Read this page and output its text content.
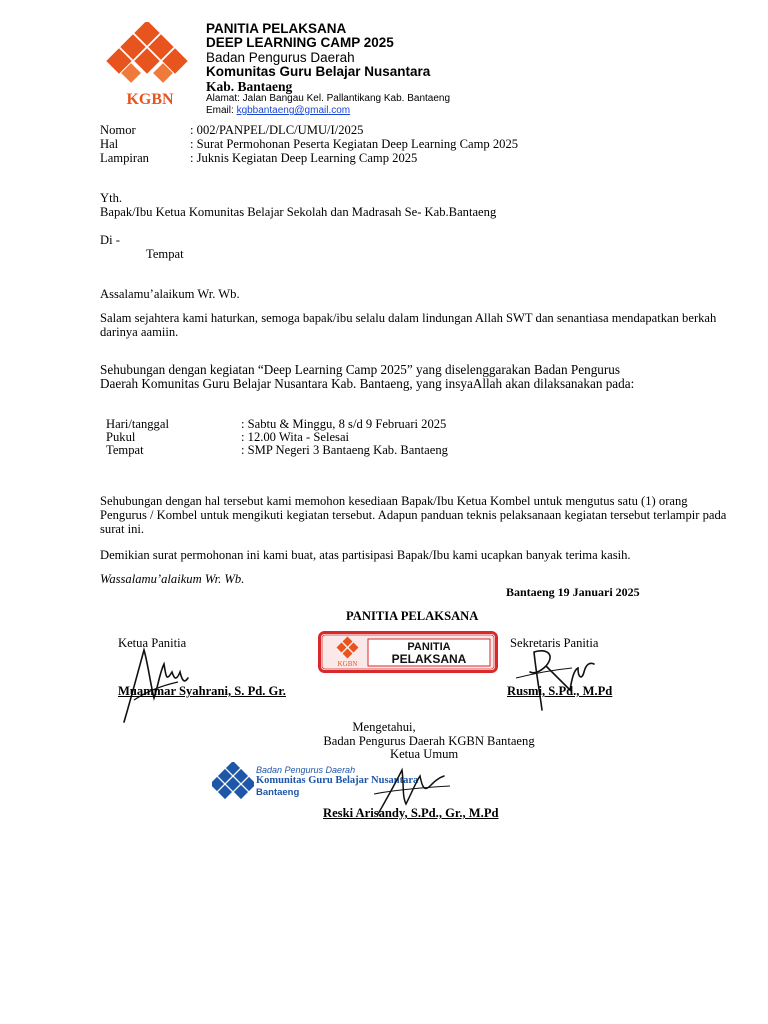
KGBN
PANITIA PELAKSANA
DEEP LEARNING CAMP 2025
Badan Pengurus Daerah
Komunitas Guru Belajar Nusantara
Kab. Bantaeng
Alamat: Jalan Bangau Kel. Pallantikang Kab. Bantaeng
Email: kgbbantaeng@gmail.com
Nomor	: 002/PANPEL/DLC/UMU/I/2025
Hal	: Surat Permohonan Peserta Kegiatan Deep Learning Camp 2025
Lampiran	: Juknis Kegiatan Deep Learning Camp 2025
Yth.
Bapak/Ibu Ketua Komunitas Belajar Sekolah dan Madrasah Se- Kab.Bantaeng
Di -
Tempat
Assalamu’alaikum Wr. Wb.
Salam sejahtera kami haturkan, semoga bapak/ibu selalu dalam lindungan Allah SWT dan senantiasa mendapatkan berkah darinya aamiin.
Sehubungan dengan kegiatan “Deep Learning Camp 2025” yang diselenggarakan Badan Pengurus
Daerah Komunitas Guru Belajar Nusantara Kab. Bantaeng, yang insyaAllah akan dilaksanakan pada:
Hari/tanggal	: Sabtu & Minggu, 8 s/d 9 Februari 2025
Pukul	: 12.00 Wita - Selesai
Tempat	: SMP Negeri 3 Bantaeng Kab. Bantaeng
Sehubungan dengan hal tersebut kami memohon kesediaan Bapak/Ibu Ketua Kombel untuk mengutus satu (1) orang Pengurus / Kombel untuk mengikuti kegiatan tersebut. Adapun panduan teknis pelaksanaan kegiatan tersebut terlampir pada surat ini.
Demikian surat permohonan ini kami buat, atas partisipasi Bapak/Ibu kami ucapkan banyak terima kasih.
Wassalamu’alaikum Wr. Wb.
Bantaeng 19 Januari 2025
PANITIA PELAKSANA
Ketua Panitia	Sekretaris Panitia
KGBN
PANITIA
PELAKSANA
Muammar Syahrani, S. Pd. Gr.	Rusmi, S.Pd., M.Pd
Mengetahui,
Badan Pengurus Daerah KGBN Bantaeng
Ketua Umum
Badan Pengurus Daerah
Komunitas Guru Belajar Nusantara
Bantaeng
Reski Arisandy, S.Pd., Gr., M.Pd
